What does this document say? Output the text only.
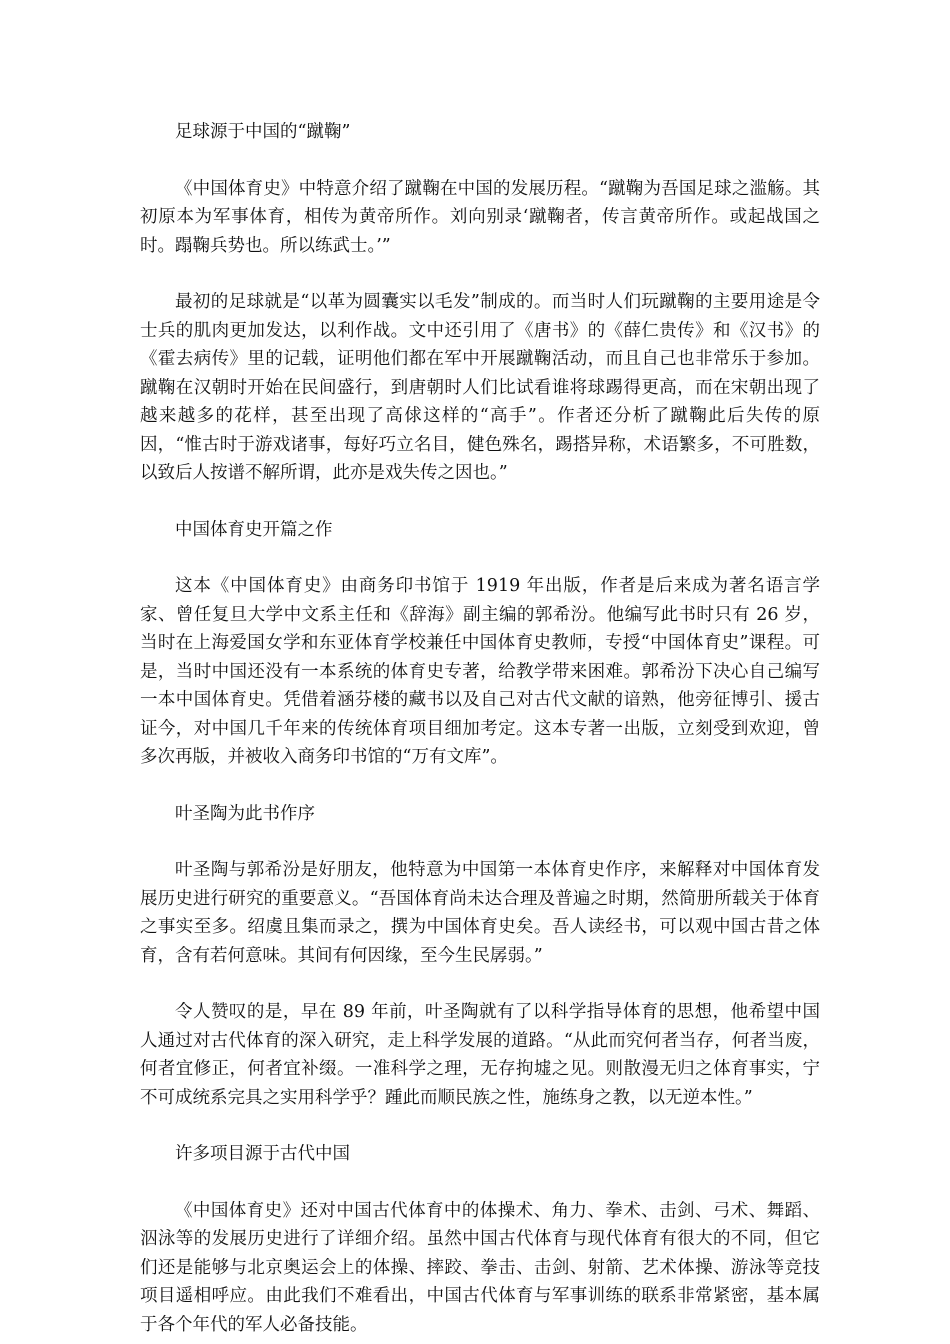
足球源于中国的“蹴鞠”

《中国体育史》中特意介绍了蹴鞠在中国的发展历程。“蹴鞠为吾国足球之滥觞。其初原本为军事体育，相传为黄帝所作。刘向别录‘蹴鞠者，传言黄帝所作。或起战国之时。蹋鞠兵势也。所以练武士。’”

最初的足球就是“以革为圆囊实以毛发”制成的。而当时人们玩蹴鞠的主要用途是令士兵的肌肉更加发达，以利作战。文中还引用了《唐书》的《薛仁贵传》和《汉书》的《霍去病传》里的记载，证明他们都在军中开展蹴鞠活动，而且自己也非常乐于参加。蹴鞠在汉朝时开始在民间盛行，到唐朝时人们比试看谁将球踢得更高，而在宋朝出现了越来越多的花样，甚至出现了高俅这样的“高手”。作者还分析了蹴鞠此后失传的原因，“惟古时于游戏诸事，每好巧立名目，健色殊名，踢搭异称，术语繁多，不可胜数，以致后人按谱不解所谓，此亦是戏失传之因也。”

中国体育史开篇之作

这本《中国体育史》由商务印书馆于 1919 年出版，作者是后来成为著名语言学家、曾任复旦大学中文系主任和《辞海》副主编的郭希汾。他编写此书时只有 26 岁，当时在上海爱国女学和东亚体育学校兼任中国体育史教师，专授“中国体育史”课程。可是，当时中国还没有一本系统的体育史专著，给教学带来困难。郭希汾下决心自己编写一本中国体育史。凭借着涵芬楼的藏书以及自己对古代文献的谙熟，他旁征博引、援古证今，对中国几千年来的传统体育项目细加考定。这本专著一出版，立刻受到欢迎，曾多次再版，并被收入商务印书馆的“万有文库”。

叶圣陶为此书作序

叶圣陶与郭希汾是好朋友，他特意为中国第一本体育史作序，来解释对中国体育发展历史进行研究的重要意义。“吾国体育尚未达合理及普遍之时期，然简册所载关于体育之事实至多。绍虞且集而录之，撰为中国体育史矣。吾人读经书，可以观中国古昔之体育，含有若何意味。其间有何因缘，至今生民孱弱。”

令人赞叹的是，早在 89 年前，叶圣陶就有了以科学指导体育的思想，他希望中国人通过对古代体育的深入研究，走上科学发展的道路。“从此而究何者当存，何者当废，何者宜修正，何者宜补缀。一准科学之理，无存拘墟之见。则散漫无归之体育事实，宁不可成统系完具之实用科学乎？踵此而顺民族之性，施练身之教，以无逆本性。”

许多项目源于古代中国

《中国体育史》还对中国古代体育中的体操术、角力、拳术、击剑、弓术、舞蹈、泅泳等的发展历史进行了详细介绍。虽然中国古代体育与现代体育有很大的不同，但它们还是能够与北京奥运会上的体操、摔跤、拳击、击剑、射箭、艺术体操、游泳等竞技项目遥相呼应。由此我们不难看出，中国古代体育与军事训练的联系非常紧密，基本属于各个年代的军人必备技能。
